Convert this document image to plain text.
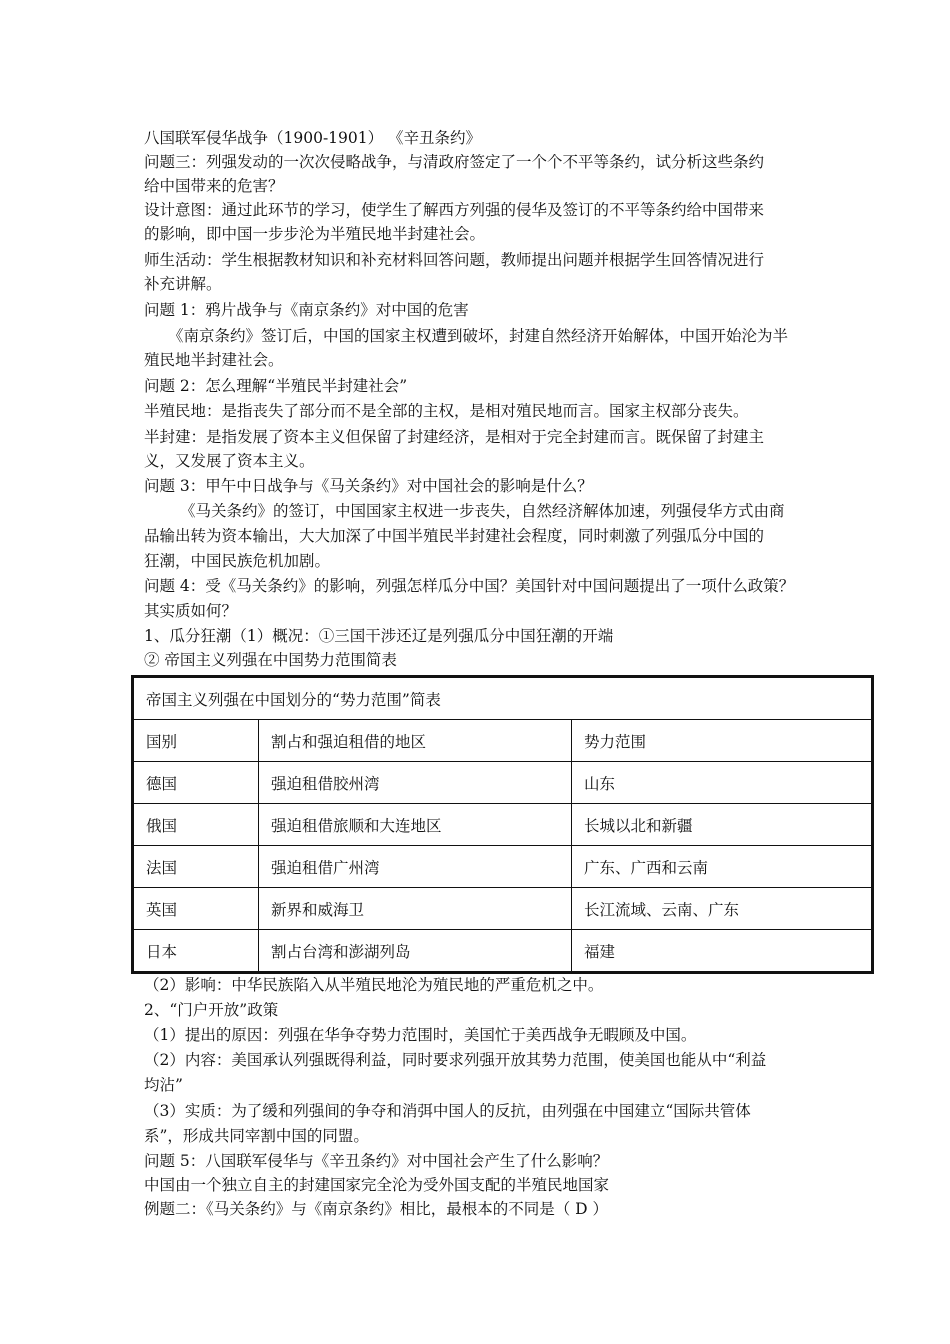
八国联军侵华战争（1900-1901） 《辛丑条约》
问题三：列强发动的一次次侵略战争，与清政府签定了一个个不平等条约，试分析这些条约
给中国带来的危害？
设计意图：通过此环节的学习，使学生了解西方列强的侵华及签订的不平等条约给中国带来
的影响，即中国一步步沦为半殖民地半封建社会。
师生活动：学生根据教材知识和补充材料回答问题，教师提出问题并根据学生回答情况进行
补充讲解。
问题 1：鸦片战争与《南京条约》对中国的危害
《南京条约》签订后，中国的国家主权遭到破坏，封建自然经济开始解体，中国开始沦为半
殖民地半封建社会。
问题 2：怎么理解“半殖民半封建社会”
半殖民地：是指丧失了部分而不是全部的主权，是相对殖民地而言。国家主权部分丧失。
半封建：是指发展了资本主义但保留了封建经济，是相对于完全封建而言。既保留了封建主
义，又发展了资本主义。
问题 3：甲午中日战争与《马关条约》对中国社会的影响是什么？
《马关条约》的签订，中国国家主权进一步丧失，自然经济解体加速，列强侵华方式由商
品输出转为资本输出，大大加深了中国半殖民半封建社会程度，同时刺激了列强瓜分中国的
狂潮，中国民族危机加剧。
问题 4：受《马关条约》的影响，列强怎样瓜分中国？美国针对中国问题提出了一项什么政策？
其实质如何？
1、瓜分狂潮（1）概况：①三国干涉还辽是列强瓜分中国狂潮的开端
② 帝国主义列强在中国势力范围简表
帝国主义列强在中国划分的“势力范围”简表		
国别	割占和强迫租借的地区	势力范围
德国	强迫租借胶州湾	山东
俄国	强迫租借旅顺和大连地区	长城以北和新疆
法国	强迫租借广州湾	广东、广西和云南
英国	新界和威海卫	长江流域、云南、广东
日本	割占台湾和澎湖列岛	福建
（2）影响：中华民族陷入从半殖民地沦为殖民地的严重危机之中。
2、“门户开放”政策
（1）提出的原因：列强在华争夺势力范围时，美国忙于美西战争无暇顾及中国。
（2）内容：美国承认列强既得利益，同时要求列强开放其势力范围，使美国也能从中“利益
均沾”
（3）实质：为了缓和列强间的争夺和消弭中国人的反抗，由列强在中国建立“国际共管体
系”，形成共同宰割中国的同盟。
问题 5：八国联军侵华与《辛丑条约》对中国社会产生了什么影响？
中国由一个独立自主的封建国家完全沦为受外国支配的半殖民地国家
例题二：《马关条约》与《南京条约》相比，最根本的不同是（ D ）
